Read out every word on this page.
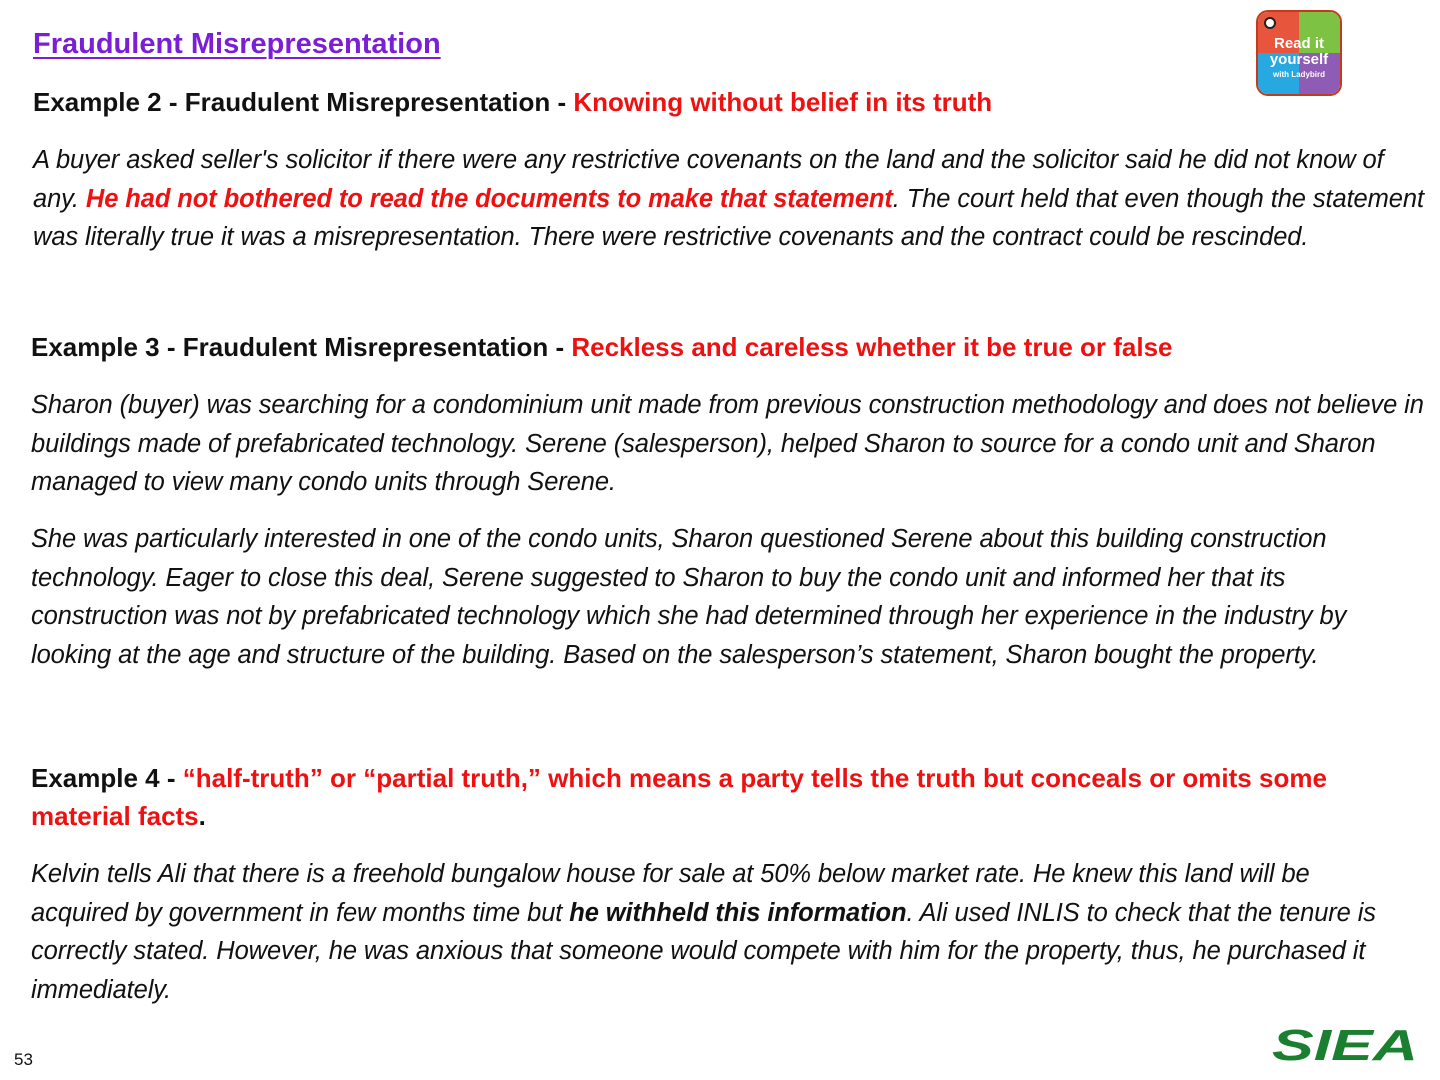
Fraudulent Misrepresentation	Read it
yourself
with Ladybird
Example 2 - Fraudulent Misrepresentation - Knowing without belief in its truth
A buyer asked seller's solicitor if there were any restrictive covenants on the land and the solicitor said he did not know of any. He had not bothered to read the documents to make that statement. The court held that even though the statement was literally true it was a misrepresentation. There were restrictive covenants and the contract could be rescinded.
Example 3 - Fraudulent Misrepresentation - Reckless and careless whether it be true or false
Sharon (buyer) was searching for a condominium unit made from previous construction methodology and does not believe in buildings made of prefabricated technology. Serene (salesperson), helped Sharon to source for a condo unit and Sharon managed to view many condo units through Serene.
She was particularly interested in one of the condo units, Sharon questioned Serene about this building construction technology. Eager to close this deal, Serene suggested to Sharon to buy the condo unit and informed her that its construction was not by prefabricated technology which she had determined through her experience in the industry by looking at the age and structure of the building. Based on the salesperson’s statement, Sharon bought the property.
Example 4 - “half-truth” or “partial truth,” which means a party tells the truth but conceals or omits some material facts.
Kelvin tells Ali that there is a freehold bungalow house for sale at 50% below market rate. He knew this land will be acquired by government in few months time but he withheld this information. Ali used INLIS to check that the tenure is correctly stated. However, he was anxious that someone would compete with him for the property, thus, he purchased it immediately.
53	SIEA
